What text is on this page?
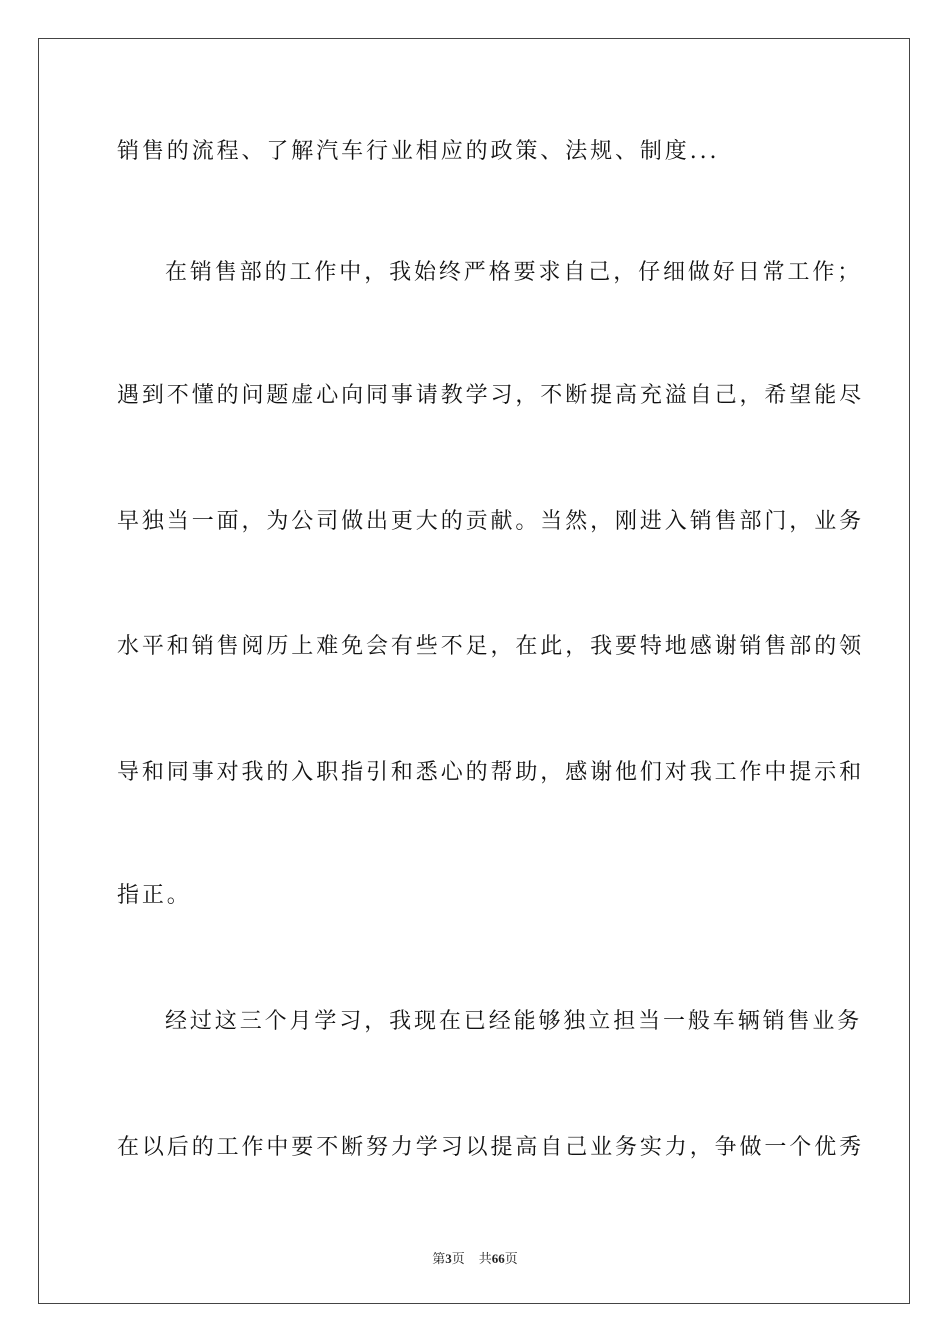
销售的流程、了解汽车行业相应的政策、法规、制度...
在销售部的工作中，我始终严格要求自己，仔细做好日常工作；
遇到不懂的问题虚心向同事请教学习，不断提高充溢自己，希望能尽
早独当一面，为公司做出更大的贡献。当然，刚进入销售部门，业务
水平和销售阅历上难免会有些不足，在此，我要特地感谢销售部的领
导和同事对我的入职指引和悉心的帮助，感谢他们对我工作中提示和
指正。
经过这三个月学习，我现在已经能够独立担当一般车辆销售业务
在以后的工作中要不断努力学习以提高自己业务实力，争做一个优秀
第3页 共66页
